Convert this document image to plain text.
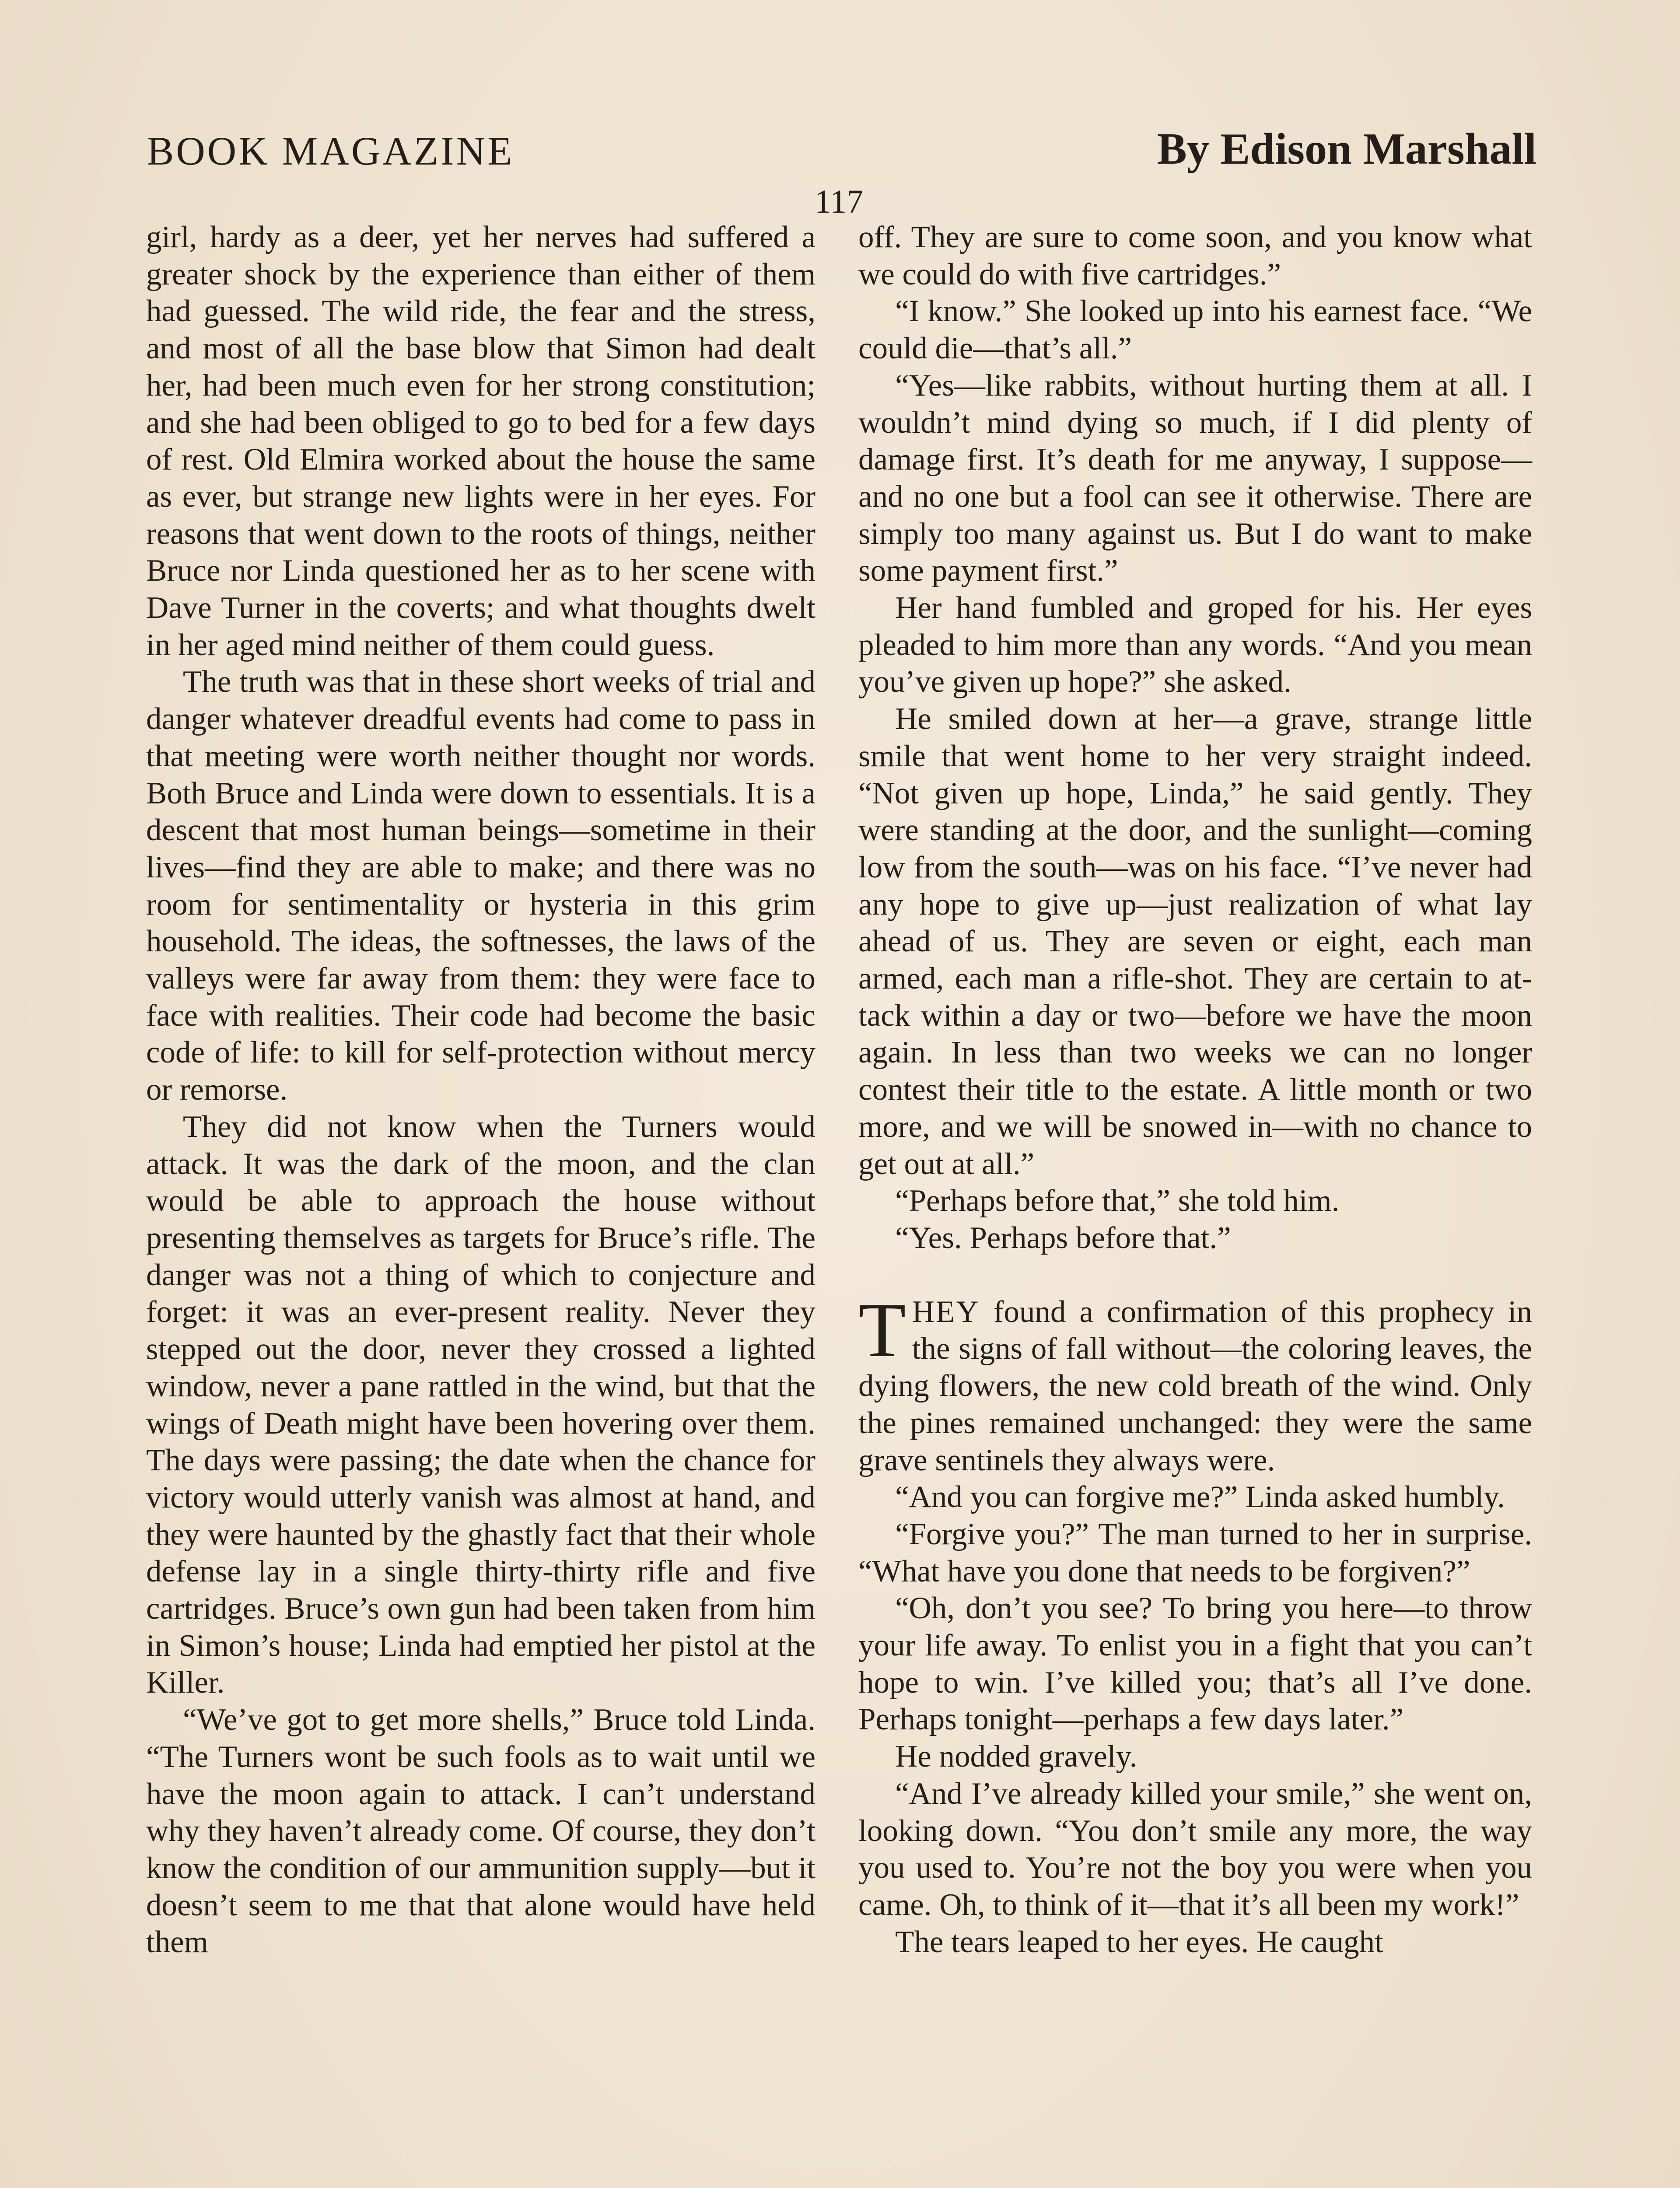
BOOK MAGAZINE	By Edison Marshall
117

girl, hardy as a deer, yet her nerves had suffered a greater shock by the experience than either of them had guessed. The wild ride, the fear and the stress, and most of all the base blow that Simon had dealt her, had been much even for her strong constitution; and she had been obliged to go to bed for a few days of rest. Old Elmira worked about the house the same as ever, but strange new lights were in her eyes. For reasons that went down to the roots of things, neither Bruce nor Linda questioned her as to her scene with Dave Turner in the coverts; and what thoughts dwelt in her aged mind neither of them could guess.

The truth was that in these short weeks of trial and danger whatever dreadful events had come to pass in that meeting were worth neither thought nor words. Both Bruce and Linda were down to essentials. It is a descent that most human beings—sometime in their lives—find they are able to make; and there was no room for sentimentality or hysteria in this grim household. The ideas, the softnesses, the laws of the valleys were far away from them: they were face to face with realities. Their code had become the basic code of life: to kill for self-protection without mercy or remorse.

They did not know when the Turners would attack. It was the dark of the moon, and the clan would be able to approach the house without presenting themselves as targets for Bruce’s rifle. The danger was not a thing of which to conjecture and forget: it was an ever-present reality. Never they stepped out the door, never they crossed a lighted window, never a pane rattled in the wind, but that the wings of Death might have been hovering over them. The days were passing; the date when the chance for victory would utterly vanish was almost at hand, and they were haunted by the ghastly fact that their whole defense lay in a single thirty-thirty rifle and five cartridges. Bruce’s own gun had been taken from him in Simon’s house; Linda had emptied her pistol at the Killer.

“We’ve got to get more shells,” Bruce told Linda. “The Turners wont be such fools as to wait until we have the moon again to attack. I can’t understand why they haven’t already come. Of course, they don’t know the condition of our ammunition supply—but it doesn’t seem to me that that alone would have held them

off. They are sure to come soon, and you know what we could do with five cartridges.”

“I know.” She looked up into his earnest face. “We could die—that’s all.”

“Yes—like rabbits, without hurting them at all. I wouldn’t mind dying so much, if I did plenty of damage first. It’s death for me anyway, I suppose—and no one but a fool can see it otherwise. There are simply too many against us. But I do want to make some payment first.”

Her hand fumbled and groped for his. Her eyes pleaded to him more than any words. “And you mean you’ve given up hope?” she asked.

He smiled down at her—a grave, strange little smile that went home to her very straight indeed. “Not given up hope, Linda,” he said gently. They were standing at the door, and the sunlight—coming low from the south—was on his face. “I’ve never had any hope to give up—just realization of what lay ahead of us. They are seven or eight, each man armed, each man a rifle-shot. They are certain to attack within a day or two—before we have the moon again. In less than two weeks we can no longer contest their title to the estate. A little month or two more, and we will be snowed in—with no chance to get out at all.”

“Perhaps before that,” she told him.

“Yes. Perhaps before that.”

THEY found a confirmation of this prophecy in the signs of fall without—the coloring leaves, the dying flowers, the new cold breath of the wind. Only the pines remained unchanged: they were the same grave sentinels they always were.

“And you can forgive me?” Linda asked humbly.

“Forgive you?” The man turned to her in surprise. “What have you done that needs to be forgiven?”

“Oh, don’t you see? To bring you here—to throw your life away. To enlist you in a fight that you can’t hope to win. I’ve killed you; that’s all I’ve done. Perhaps tonight—perhaps a few days later.”

He nodded gravely.

“And I’ve already killed your smile,” she went on, looking down. “You don’t smile any more, the way you used to. You’re not the boy you were when you came. Oh, to think of it—that it’s all been my work!”

The tears leaped to her eyes. He caught
